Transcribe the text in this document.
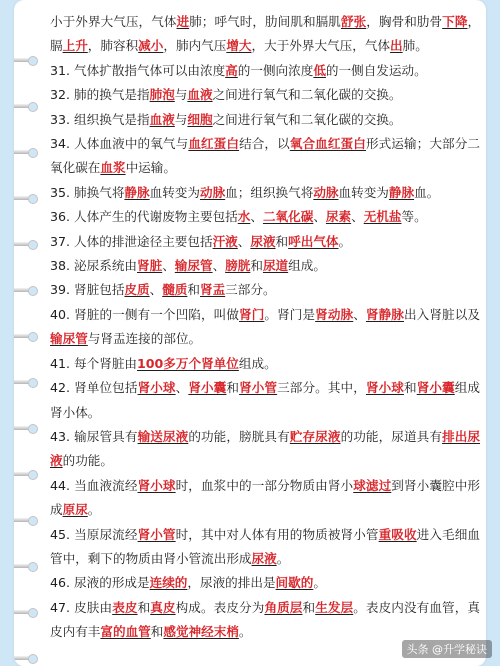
小于外界大气压，气体进肺；呼气时，肋间肌和膈肌舒张，胸骨和肋骨下降，膈上升，肺容积减小，肺内气压增大，大于外界大气压，气体出肺。

31. 气体扩散指气体可以由浓度高的一侧向浓度低的一侧自发运动。

32. 肺的换气是指肺泡与血液之间进行氧气和二氧化碳的交换。

33. 组织换气是指血液与细胞之间进行氧气和二氧化碳的交换。

34. 人体血液中的氧气与血红蛋白结合，以氧合血红蛋白形式运输；大部分二氧化碳在血浆中运输。

35. 肺换气将静脉血转变为动脉血；组织换气将动脉血转变为静脉血。

36. 人体产生的代谢废物主要包括水、二氧化碳、尿素、无机盐等。

37. 人体的排泄途径主要包括汗液、尿液和呼出气体。

38. 泌尿系统由肾脏、输尿管、膀胱和尿道组成。

39. 肾脏包括皮质、髓质和肾盂三部分。

40. 肾脏的一侧有一个凹陷，叫做肾门。肾门是肾动脉、肾静脉出入肾脏以及输尿管与肾盂连接的部位。

41. 每个肾脏由100多万个肾单位组成。

42. 肾单位包括肾小球、肾小囊和肾小管三部分。其中，肾小球和肾小囊组成肾小体。

43. 输尿管具有输送尿液的功能，膀胱具有贮存尿液的功能，尿道具有排出尿液的功能。

44. 当血液流经肾小球时，血浆中的一部分物质由肾小球滤过到肾小囊腔中形成原尿。

45. 当原尿流经肾小管时，其中对人体有用的物质被肾小管重吸收进入毛细血管中，剩下的物质由肾小管流出形成尿液。

46. 尿液的形成是连续的，尿液的排出是间歇的。

47. 皮肤由表皮和真皮构成。表皮分为角质层和生发层。表皮内没有血管，真皮内有丰富的血管和感觉神经末梢。

头条 @升学秘诀
